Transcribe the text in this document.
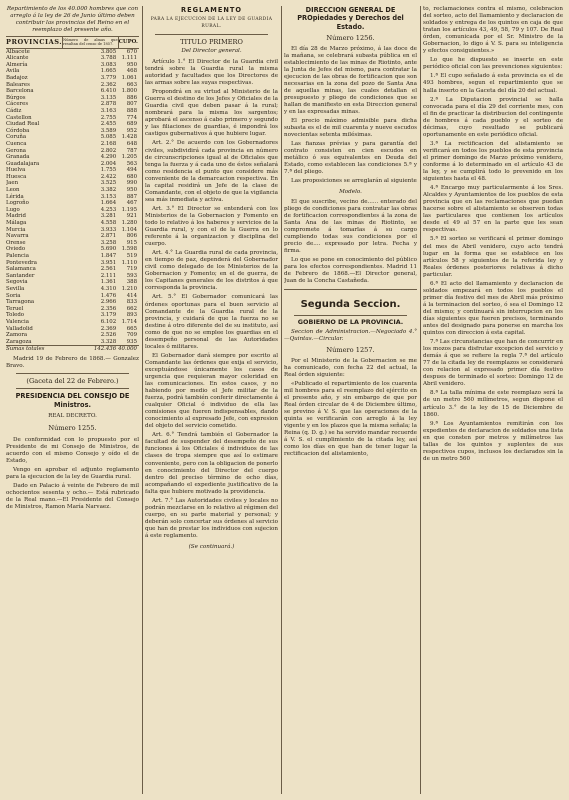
Repartimiento de los 40.000 hombres que con arreglo á la ley de 26 de Junio último deben contribuir las provincias del Reino en el reemplazo del presente año.

PROVINCIAS.	Número de almas que resultan del censo de 1857.	CUPO.
Albacete	3.805	670
Alicante	3.788	1.111
Almería	3.083	950
Avila	1.665	468
Badajoz	3.779	1.061
Baleares	2.362	663
Barcelona	6.410	1.800
Búrgos	3.135	886
Cáceres	2.878	807
Cádiz	3.163	888
Castellon	2.755	774
Ciudad Real	2.455	689
Córdoba	3.589	952
Coruña	5.085	1.428
Cuenca	2.168	648
Gerona	2.802	787
Granada	4.290	1.205
Guadalajara	2.004	563
Huelva	1.755	494
Huesca	2.422	680
Jaen	3.525	990
Leon	3.382	950
Lérida	3.153	887
Logroño	1.664	467
Lugo	4.253	1.195
Madrid	3.281	921
Málaga	4.558	1.280
Murcia	3.933	1.104
Navarra	2.871	806
Orense	3.258	915
Oviedo	5.690	1.598
Palencia	1.847	519
Pontevedra	3.951	1.110
Salamanca	2.561	719
Santander	2.111	593
Segovia	1.361	388
Sevilla	4.310	1.210
Soria	1.476	414
Tarragona	2.966	833
Teruel	2.356	662
Toledo	3.179	893
Valencia	6.102	1.714
Valladolid	2.369	665
Zamora	2.526	709
Zaragoza	3.328	935
Sumas totales	142.436	40.000

Madrid 19 de Febrero de 1868.— Gonzalez Bravo.

(Gaceta del 22 de Febrero.)

PRESIDENCIA DEL CONSEJO DE Ministros.

REAL DECRETO.

Número 1255.

De conformidad con lo propuesto por el Presidente de mi Consejo de Ministros, de acuerdo con el mismo Consejo y oído el de Estado,

Vengo en aprobar el adjunto reglamento para la ejecucion de la ley de Guardia rural.

Dado en Palacio á veinte de Febrero de mil ochocientos sesenta y ocho.— Está rubricado de la Real mano.—El Presidente del Consejo de Ministros, Ramon María Narvaez.

REGLAMENTO

PARA LA EJECUCION DE LA LEY DE GUARDIA RURAL.

TITULO PRIMERO

Del Director general.

Artículo 1.° El Director de la Guardia civil tendrá sobre la Guardia rural la misma autoridad y facultades que los Directores de las armas sobre las suyas respectivas.

Propondrá en su virtud al Ministerio de la Guerra el destino de los Jefes y Oficiales de la Guardia civil que deben pasar á la rural; nombrará para la misma los sargentos; aprobará el ascenso á cabo primero y segundo y las filiaciones de guardias, é impondrá los castigos gubernativos á que hubiere lugar.

Art. 2.° De acuerdo con los Gobernadores civiles, subdividirá cada provincia en número de circunscripciones igual al de Oficiales que tenga la fuerza y á cada uno de éstos señalará como residencia el punto que considere más conveniente de la demarcacion respectiva. En la capital residirá un Jefe de la clase de Comandante, con el objeto de que la vigilancia sea más inmediata y activa.

Art. 3.° El Director se entenderá con los Ministerios de la Gobernacion y Fomento en todo lo relativo á los haberes y servicios de la Guardia rural, y con el de la Guerra en lo referente á la organizacion y disciplina del cuerpo.

Art. 4.° La Guardia rural de cada provincia, en tiempo de paz, dependerá del Gobernador civil como delegado de los Ministerios de la Gobernacion y Fomento; en el de guerra, de los Capitanes generales de los distritos á que corresponda la provincia.

Art. 5.° El Gobernador comunicará las órdenes oportunas para el buen servicio al Comandante de la Guardia rural de la provincia, y cuidará de que la fuerza no se destine á otro diferente del de su instituto, así como de que no se emplee los guardias en el desempeño personal de las Autoridades locales ó militares.

El Gobernador dará siempre por escrito al Comandante las órdenes que exija el servicio, exceptuándose únicamente los casos de urgencia que requieran mayor celeridad en las comunicaciones. En estos casos, y no habiendo por medio el Jefe militar de la fuerza, podrá también conferir directamente á cualquier Oficial ó individuo de ella las comisiones que fueren indispensables, dando conocimiento al expresado Jefe, con expresion del objeto del servicio cometido.

Art. 6.° Tendrá también el Gobernador la facultad de suspender del desempeño de sus funciones á los Oficiales é individuos de las clases de tropa siempre que así lo estimare conveniente, pero con la obligacion de ponerlo en conocimiento del Director del cuerpo dentro del preciso término de ocho días, acompañando el expediente justificativo de la falta que hubiere motivado la providencia.

Art. 7.° Las Autoridades civiles y locales no podrán mezclarse en lo relativo al régimen del cuerpo, en su parte material y personal; y deberán solo concertar sus órdenes al servicio que han de prestar los individuos con sujecion á este reglamento.

(Se continuará.)

DIRECCION GENERAL DE PROpiedades y Derechos del Estado.

Número 1256.

El día 28 de Marzo próximo, á las doce de la mañana, se celebrará subasta pública en el establecimiento de las minas de Riotinto, ante la Junta de Jefes del mismo, para contratar la ejecucion de las obras de fortificacion que son necesarias en la zona del pozo de Santa Ana de aquellas minas, las cuales detallan el presupuesto y pliego de condiciones que se hallan de manifiesto en esta Direccion general y en las expresadas minas.

El precio máximo admisible para dicha subasta es el de mil cuarenta y nueve escudos novecientas setenta milésimas.

Las fianzas prévias y para garantía del contrato consisten en cien escudos en metálico ó sus equivalentes en Deuda del Estado, como establecen las condiciones 5.ª y 7.ª del pliego.

Las proposiciones se arreglarán al siguiente

Modelo.

El que suscribe, vecino de...... enterado del pliego de condiciones para contratar las obras de fortificacion correspondientes á la zona de Santa Ana de las minas de Riotinto, se compromete á tomarlas á su cargo cumpliendo todas sus condiciones por el precio de.... expresado por letra. Fecha y firma.

Lo que se pone en conocimiento del público para los efectos correspondientes. Madrid 11 de Febrero de 1868.—El Director general, Juan de la Concha Castañeda.

Segunda Seccion.

GOBIERNO DE LA PROVINCIA.

Seccion de Administracion.—Negociado 4.°—Quintas.—Circular.

Número 1257.

Por el Ministerio de la Gobernacion se me ha comunicado, con fecha 22 del actual, la Real órden siguiente:

«Publicado el repartimiento de los cuarenta mil hombres para el reemplazo del ejército en el presente año, y sin embargo de que por Real órden circular de 4 de Diciembre último, se previno á V. S. que las operaciones de la quinta se verificarán con arreglo á la ley vigente y en los plazos que la misma señala; la Reina (q. D. g.) se ha servido mandar recuerde á V. S. el cumplimiento de la citada ley, así como los días en que han de tener lugar la rectificacion del alistamiento,

to, reclamaciones contra el mismo, celebracion del sorteo, acto del llamamiento y declaracion de soldados y entrega de los quintos en caja de que tratan los artículos 43, 49, 58, 79 y 107. De Real órden, comunicada por el Sr. Ministro de la Gobernacion, lo digo á V. S. para su inteligencia y efectos consiguientes.»

Lo que he dispuesto se inserte en este periódico oficial con las prevenciones siguientes:

1.ª El cupo señalado á esta provincia es el de 493 hombres, segun el repartimiento que se halla inserto en la Gaceta del día 20 del actual.

2.ª La Diputacion provincial se halla convocada para el día 29 del corriente mes, con el fin de practicar la distribucion del contingente de hombres á cada pueblo y el sorteo de décimas, cuyo resultado se publicará oportunamente en este periódico oficial.

3.ª La rectificacion del alistamiento se verificará en todos los pueblos de esta provincia el primer domingo de Marzo próximo venidero, conforme á lo determinado en el artículo 43 de la ley, y se cumplirá todo lo prevenido en los siguientes hasta el 48.

4.ª Encargo muy particularmente á los Sres. Alcaldes y Ayuntamientos de los pueblos de esta provincia que en las reclamaciones que puedan hacerse sobre el alistamiento se observen todas las particulares que contienen los artículos desde el 49 al 57 en la parte que les sean respectivas.

5.ª El sorteo se verificará el primer domingo del mes de Abril venidero, cuyo acto tendrá lugar en la forma que se establece en los artículos 58 y siguientes de la referida ley y Reales órdenes posteriores relativas á dicho particular.

6.ª El acto del llamamiento y declaracion de soldados empezará en todos los pueblos el primer día festivo del mes de Abril más próximo á la terminacion del sorteo, ó sea el Domingo 12 del mismo; y continuará sin interrupcion en los días siguientes que fueren precisos, terminando antes del designado para ponerse en marcha los quintos con direccion á esta capital.

7.ª Las circunstancias que han de concurrir en los mozos para disfrutar excepcion del servicio y demás á que se refiere la regla 7.ª del artículo 77 de la citada ley de reemplazos se considerará con relacion al expresado primer día festivo despues de terminado el sorteo: Domingo 12 de Abril venidero.

8.ª La talla mínima de este reemplazo será la de un metro 560 milímetros, segun dispone el artículo 3.° de la ley de 15 de Diciembre de 1860.

9.ª Los Ayuntamientos remitirán con los expedientes de declaracion de soldados una lista en que consten por metros y milímetros las tallas de los quintos y suplentes de sus respectivos cupos, inclusos los declarados sin la de un metro 560
